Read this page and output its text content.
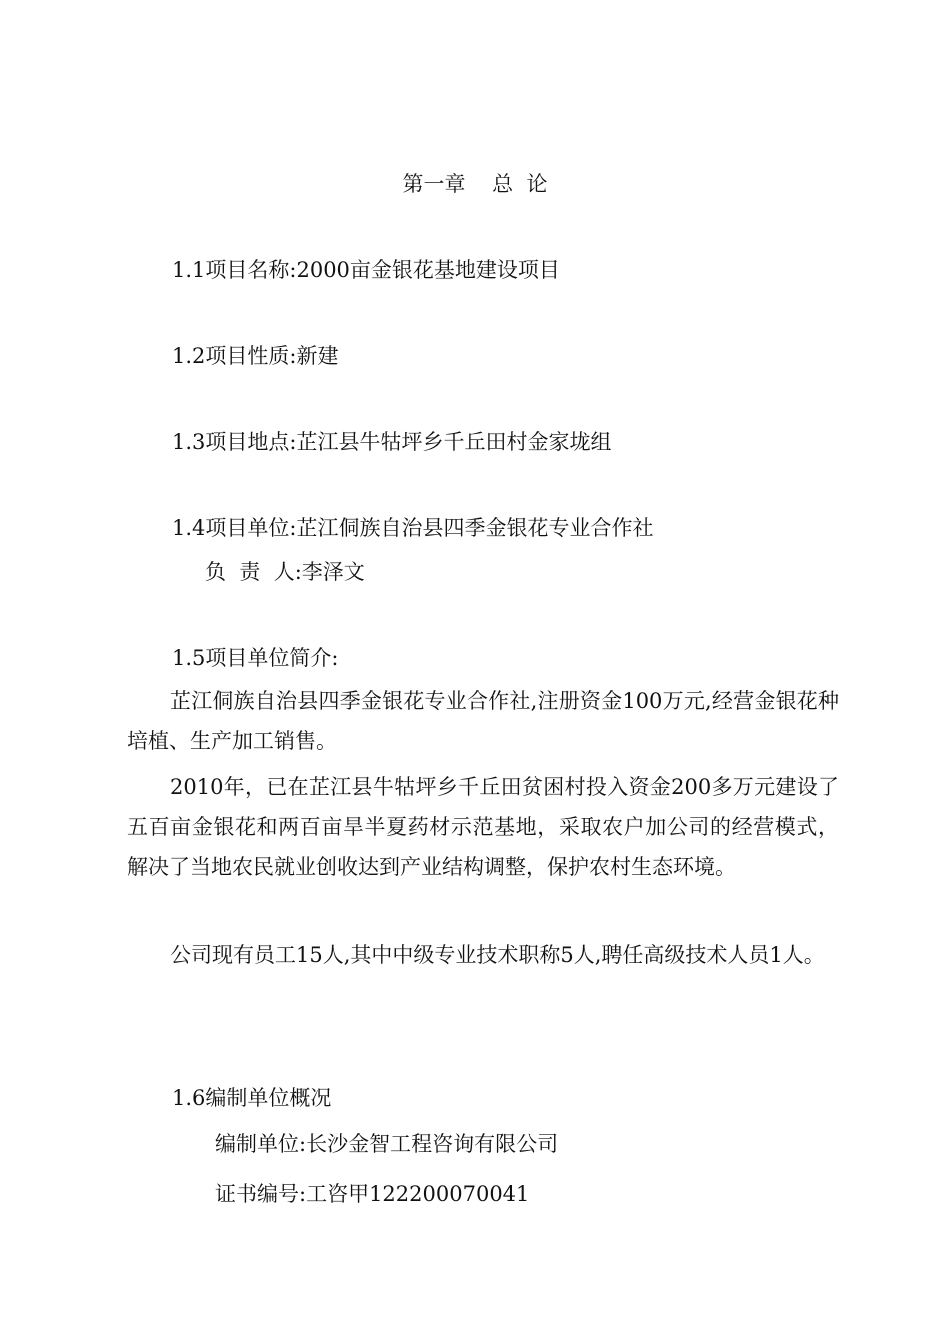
第一章    总  论
1.1项目名称:2000亩金银花基地建设项目
1.2项目性质:新建
1.3项目地点:芷江县牛牯坪乡千丘田村金家垅组
1.4项目单位:芷江侗族自治县四季金银花专业合作社
负  责  人:李泽文
1.5项目单位简介:
芷江侗族自治县四季金银花专业合作社,注册资金100万元,经营金银花种培植、生产加工销售。
2010年，已在芷江县牛牯坪乡千丘田贫困村投入资金200多万元建设了五百亩金银花和两百亩旱半夏药材示范基地，采取农户加公司的经营模式，解决了当地农民就业创收达到产业结构调整，保护农村生态环境。
公司现有员工15人,其中中级专业技术职称5人,聘任高级技术人员1人。
1.6编制单位概况
编制单位:长沙金智工程咨询有限公司
证书编号:工咨甲122200070041
